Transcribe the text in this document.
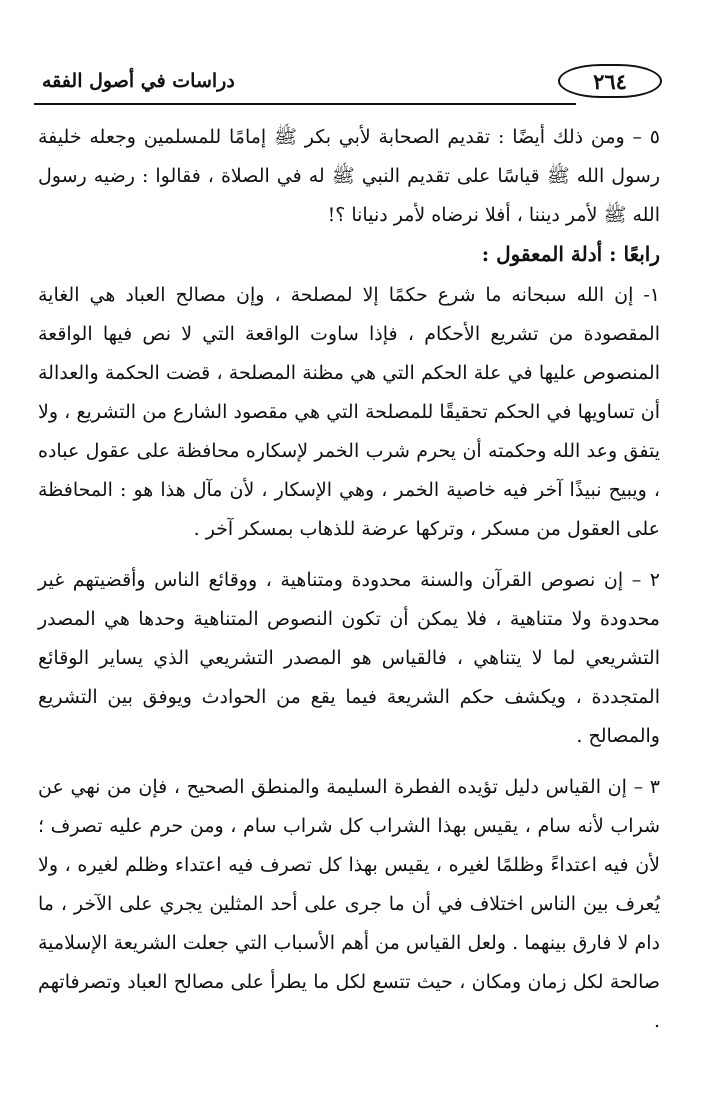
٢٦٤
دراسات في أصول الفقه

٥ – ومن ذلك أيضًا : تقديم الصحابة لأبي بكر ﷺ إمامًا للمسلمين وجعله خليفة رسول الله ﷺ قياسًا على تقديم النبي ﷺ له في الصلاة ، فقالوا : رضيه رسول الله ﷺ لأمر ديننا ، أفلا نرضاه لأمر دنيانا ؟!

رابعًا : أدلة المعقول :

١- إن الله سبحانه ما شرع حكمًا إلا لمصلحة ، وإن مصالح العباد هي الغاية المقصودة من تشريع الأحكام ، فإذا ساوت الواقعة التي لا نص فيها الواقعة المنصوص عليها في علة الحكم التي هي مظنة المصلحة ، قضت الحكمة والعدالة أن تساويها في الحكم تحقيقًا للمصلحة التي هي مقصود الشارع من التشريع ، ولا يتفق وعد الله وحكمته أن يحرم شرب الخمر لإسكاره محافظة على عقول عباده ، ويبيح نبيذًا آخر فيه خاصية الخمر ، وهي الإسكار ، لأن مآل هذا هو : المحافظة على العقول من مسكر ، وتركها عرضة للذهاب بمسكر آخر .

٢ – إن نصوص القرآن والسنة محدودة ومتناهية ، ووقائع الناس وأقضيتهم غير محدودة ولا متناهية ، فلا يمكن أن تكون النصوص المتناهية وحدها هي المصدر التشريعي لما لا يتناهي ، فالقياس هو المصدر التشريعي الذي يساير الوقائع المتجددة ، ويكشف حكم الشريعة فيما يقع من الحوادث ويوفق بين التشريع والمصالح .

٣ – إن القياس دليل تؤيده الفطرة السليمة والمنطق الصحيح ، فإن من نهي عن شراب لأنه سام ، يقيس بهذا الشراب كل شراب سام ، ومن حرم عليه تصرف ؛ لأن فيه اعتداءً وظلمًا لغيره ، يقيس بهذا كل تصرف فيه اعتداء وظلم لغيره ، ولا يُعرف بين الناس اختلاف في أن ما جرى على أحد المثلين يجري على الآخر ، ما دام لا فارق بينهما . ولعل القياس من أهم الأسباب التي جعلت الشريعة الإسلامية صالحة لكل زمان ومكان ، حيث تتسع لكل ما يطرأ على مصالح العباد وتصرفاتهم .
